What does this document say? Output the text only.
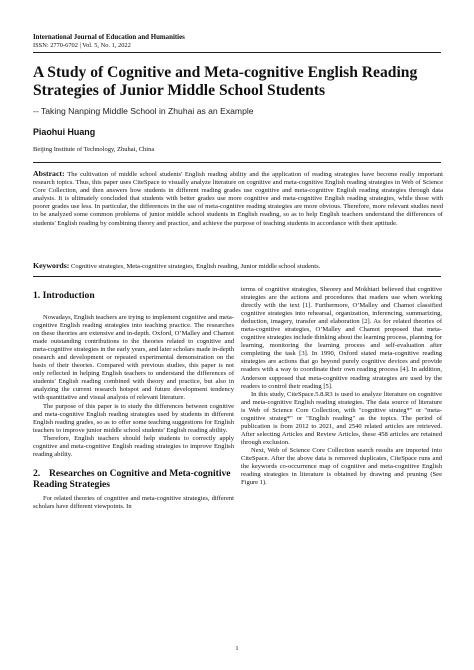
International Journal of Education and Humanities
ISSN: 2770-6702 | Vol. 5, No. 1, 2022
A Study of Cognitive and Meta-cognitive English Reading Strategies of Junior Middle School Students
-- Taking Nanping Middle School in Zhuhai as an Example
Piaohui Huang
Beijing Institute of Technology, Zhuhai, China

Abstract: The cultivation of middle school students' English reading ability and the application of reading strategies have become really important research topics. Thus, this paper uses CiteSpace to visually analyze literature on cognitive and meta-cognitive English reading strategies in Web of Science Core Collection, and then answers how students in different reading grades use cognitive and meta-cognitive English reading strategies through data analysis. It is ultimately concluded that students with better grades use more cognitive and meta-cognitive English reading strategies, while those with poorer grades use less. In particular, the differences in the use of meta-cognitive reading strategies are more obvious. Therefore, more relevant studies need to be analyzed some common problems of junior middle school students in English reading, so as to help English teachers understand the differences of students' English reading by combining theory and practice, and achieve the purpose of teaching students in accordance with their aptitude.

Keywords: Cognitive strategies, Meta-cognitive strategies, English reading, Junior middle school students.

1. Introduction

Nowadays, English teachers are trying to implement cognitive and meta-cognitive English reading strategies into teaching practice. The researches on these theories are extensive and in-depth. Oxford, O’Malley and Chamot made outstanding contributions to the theories related to cognitive and meta-cognitive strategies in the early years, and later scholars made in-depth research and development or repeated experimental demonstration on the basis of their theories. Compared with previous studies, this paper is not only reflected in helping English teachers to understand the differences of students' English reading combined with theory and practice, but also in analyzing the current research hotspot and future development tendency with quantitative and visual analysis of relevant literature.

The purpose of this paper is to study the differences between cognitive and meta-cognitive English reading strategies used by students in different English reading grades, so as to offer some teaching suggestions for English teachers to improve junior middle school students' English reading ability.

Therefore, English teachers should help students to correctly apply cognitive and meta-cognitive English reading strategies to improve English reading ability.

2. Researches on Cognitive and Meta-cognitive Reading Strategies

For related theories of cognitive and meta-cognitive strategies, different scholars have different viewpoints. In

terms of cognitive strategies, Sheorey and Mokhtari believed that cognitive strategies are the actions and procedures that readers use when working directly with the text [1]. Furthermore, O’Malley and Chamot classified cognitive strategies into rehearsal, organization, inferencing, summarizing, deduction, imagery, transfer and elaboration [2]. As for related theories of meta-cognitive strategies, O’Malley and Chamot proposed that meta-cognitive strategies include thinking about the learning process, planning for learning, monitoring the learning process and self-evaluation after completing the task [3]. In 1990, Oxford stated meta-cognitive reading strategies are actions that go beyond purely cognitive devices and provide readers with a way to coordinate their own reading process [4]. In addition, Anderson supposed that meta-cognitive reading strategies are used by the readers to control their reading [5].

In this study, CiteSpace.5.8.R3 is used to analyze literature on cognitive and meta-cognitive English reading strategies. The data source of literature is Web of Science Core Collection, with "cognitive strateg*" or "meta-cognitive strateg*" or "English reading" as the topics. The period of publication is from 2012 to 2021, and 2540 related articles are retrieved. After selecting Articles and Review Articles, these 458 articles are retained through exclusion.

Next, Web of Science Core Collection search results are imported into CiteSpace. After the above data is removed duplicates, CiteSpace runs and the keywords co-occurrence map of cognitive and meta-cognitive English reading strategies in literature is obtained by drawing and pruning (See Figure 1).

1
